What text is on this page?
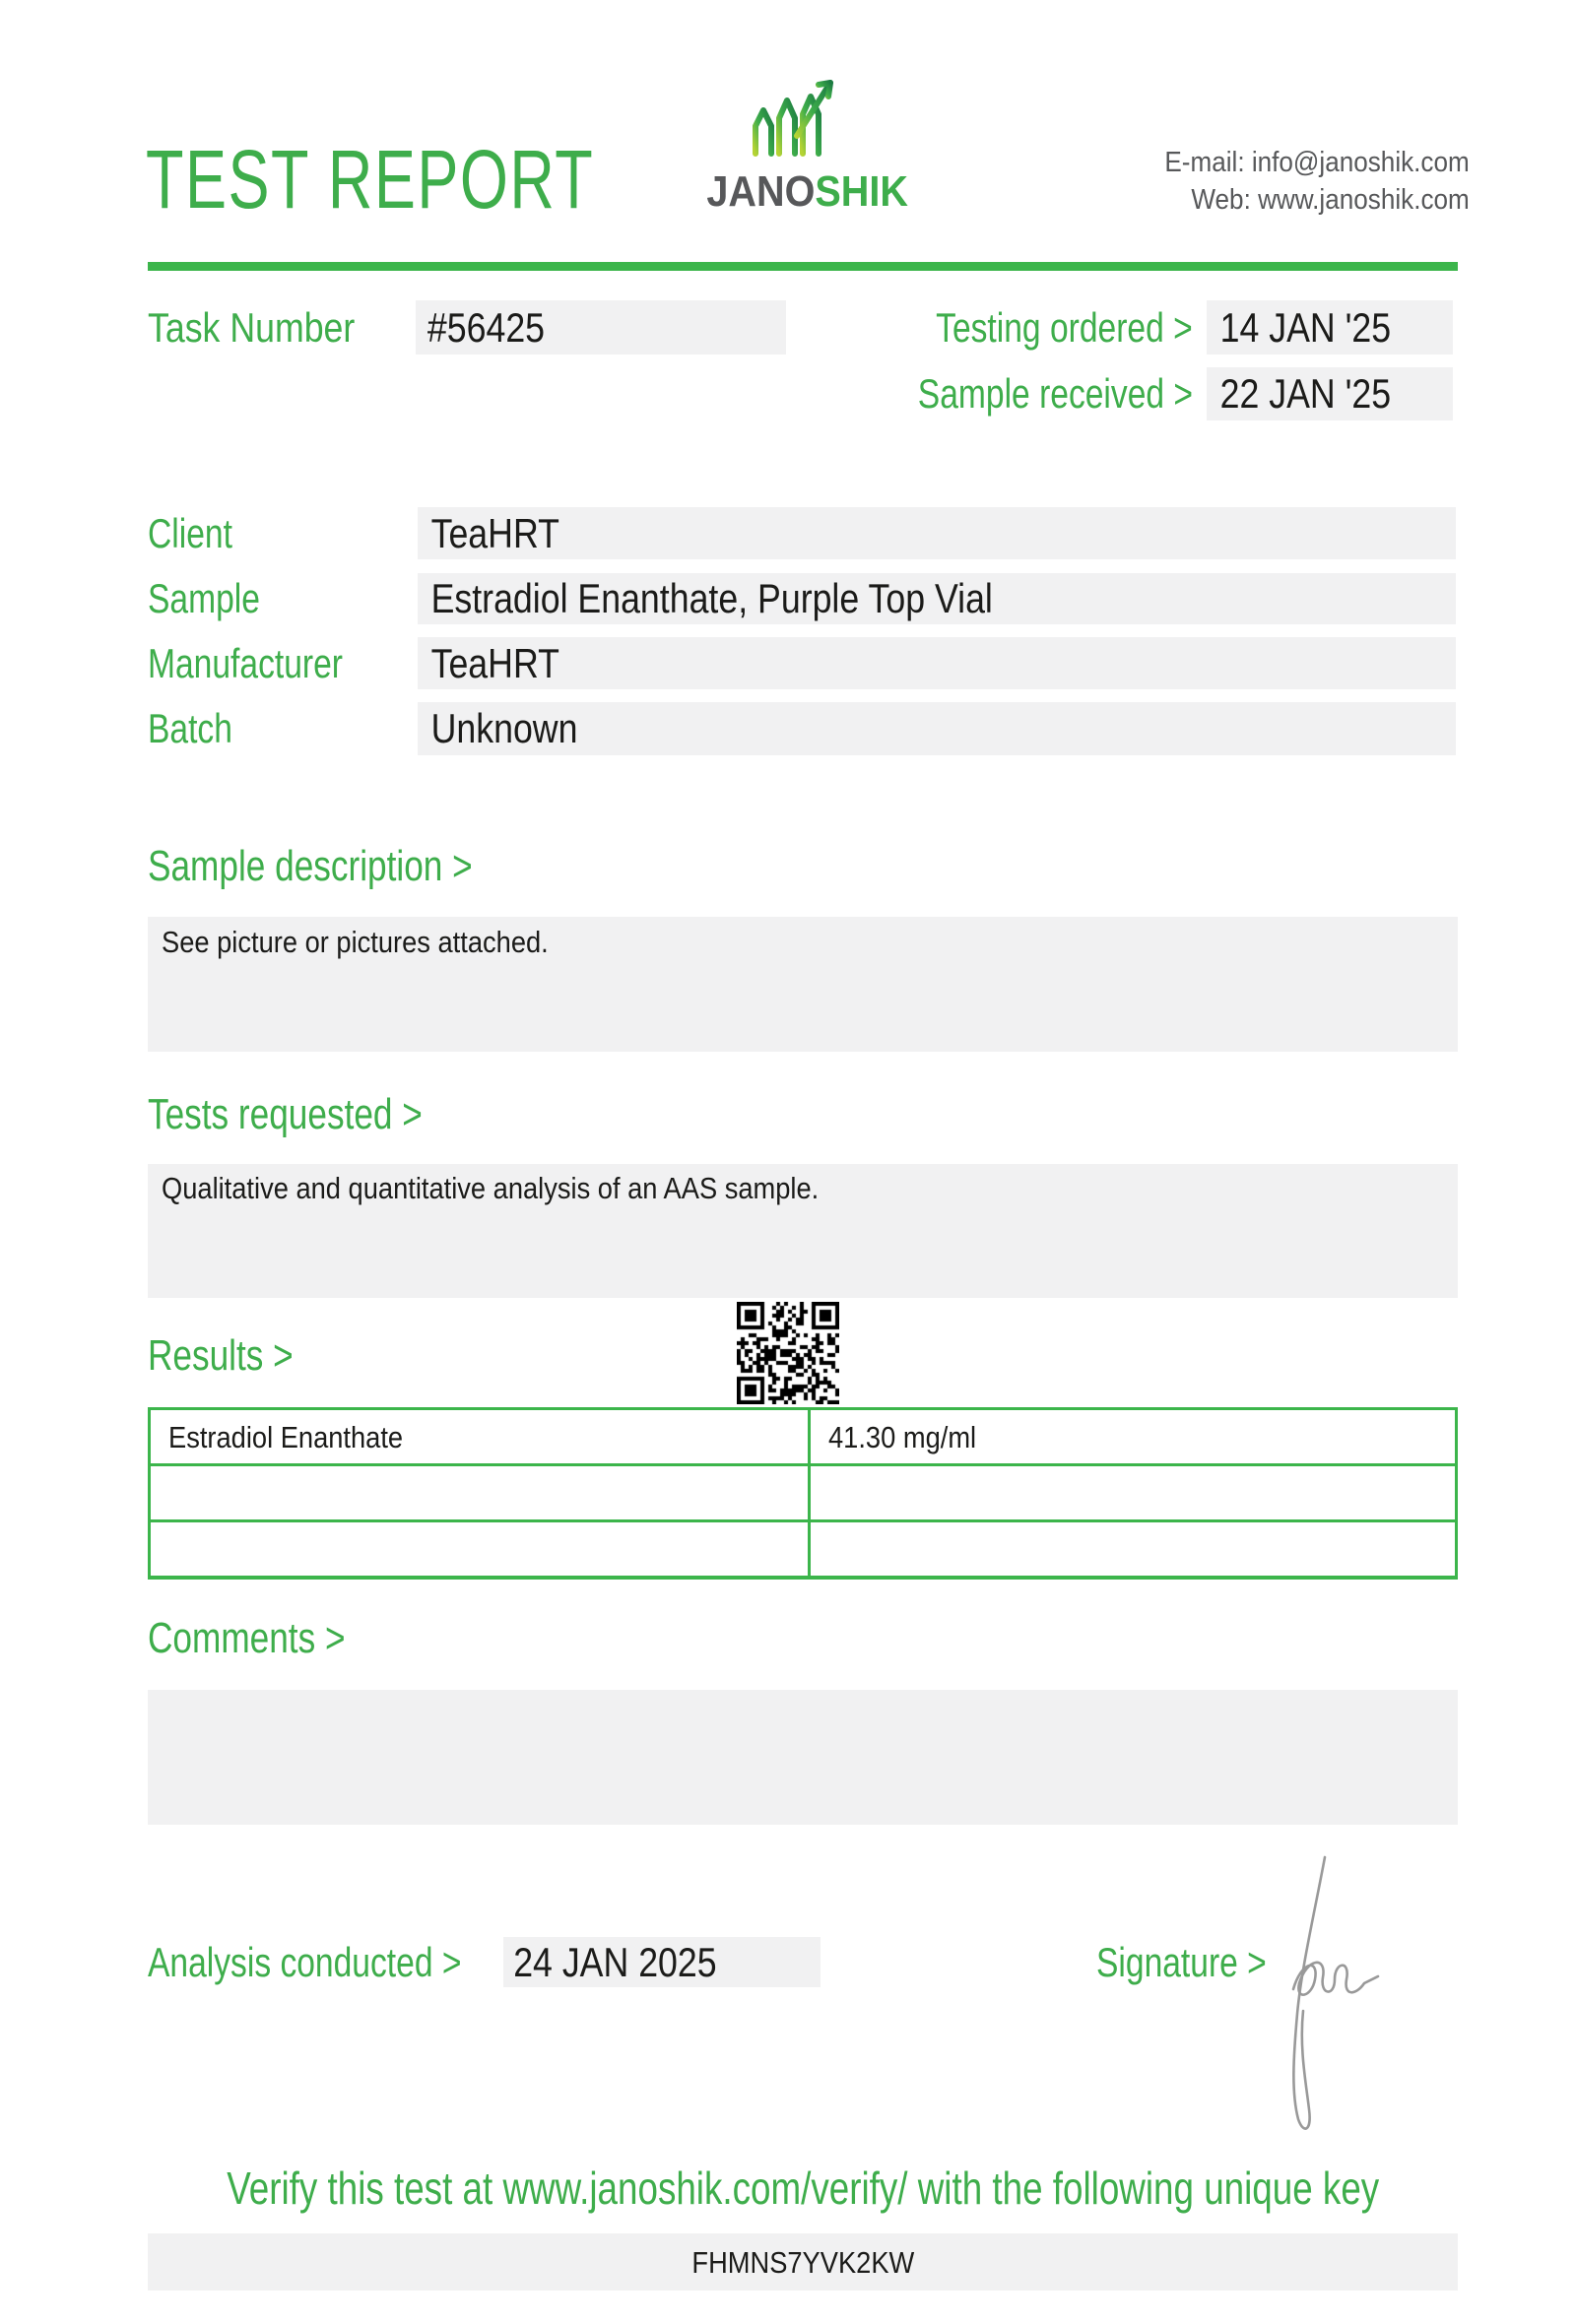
TEST REPORT	JANOSHIK
E-mail: info@janoshik.com
Web: www.janoshik.com
Task Number #56425	Testing ordered > 14 JAN '25
Sample received > 22 JAN '25
Client	TeaHRT
Sample	Estradiol Enanthate, Purple Top Vial
Manufacturer	TeaHRT
Batch	Unknown
Sample description >
See picture or pictures attached.
Tests requested >
Qualitative and quantitative analysis of an AAS sample.
Results >
Estradiol Enanthate	41.30 mg/ml
Comments >
Analysis conducted > 24 JAN 2025	Signature >
Verify this test at www.janoshik.com/verify/ with the following unique key
FHMNS7YVK2KW
